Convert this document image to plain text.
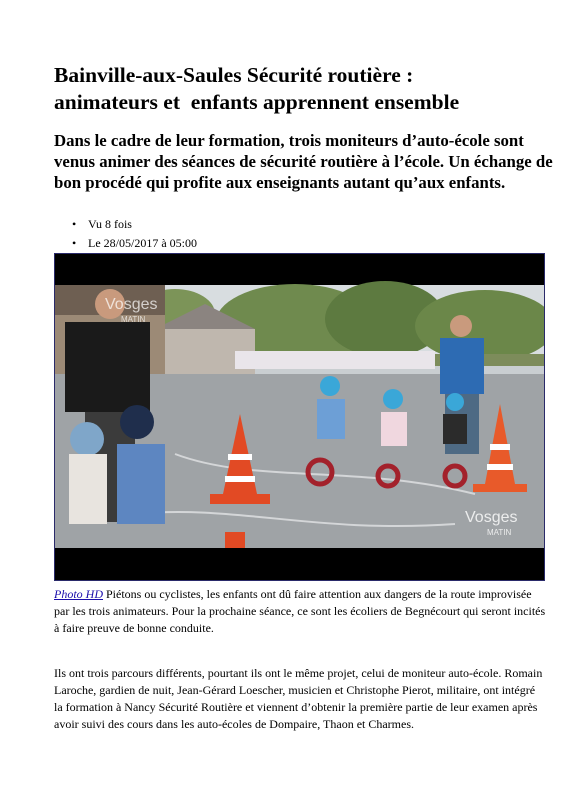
Bainville-aux-Saules Sécurité routière :
animateurs et  enfants apprennent ensemble

Dans le cadre de leur formation, trois moniteurs d’auto-école sont venus animer des séances de sécurité routière à l’école. Un échange de bon procédé qui profite aux enseignants autant qu’aux enfants.

• Vu 8 fois
• Le 28/05/2017 à 05:00
Vosges
MATIN
Vosges
MATIN

Photo HD Piétons ou cyclistes, les enfants ont dû faire attention aux dangers de la route improvisée par les trois animateurs. Pour la prochaine séance, ce sont les écoliers de Begnécourt qui seront incités à faire preuve de bonne conduite.

Ils ont trois parcours différents, pourtant ils ont le même projet, celui de moniteur auto-école. Romain Laroche, gardien de nuit, Jean-Gérard Loescher, musicien et Christophe Pierot, militaire, ont intégré la formation à Nancy Sécurité Routière et viennent d’obtenir la première partie de leur examen après avoir suivi des cours dans les auto-écoles de Dompaire, Thaon et Charmes.
